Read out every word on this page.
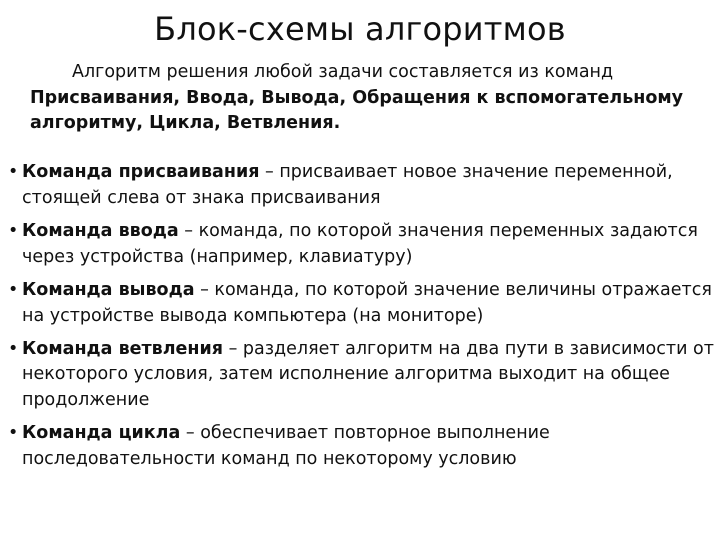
Блок-схемы алгоритмов
Алгоритм решения любой задачи составляется из команд
Присваивания, Ввода, Вывода, Обращения к вспомогательному алгоритму, Цикла, Ветвления.
• Команда присваивания – присваивает новое значение переменной, стоящей слева от знака присваивания
• Команда ввода – команда, по которой значения переменных задаются через устройства (например, клавиатуру)
• Команда вывода – команда, по которой значение величины отражается на устройстве вывода компьютера (на мониторе)
• Команда ветвления – разделяет алгоритм на два пути в зависимости от некоторого условия, затем исполнение алгоритма выходит на общее продолжение
• Команда цикла – обеспечивает повторное выполнение последовательности команд по некоторому условию
